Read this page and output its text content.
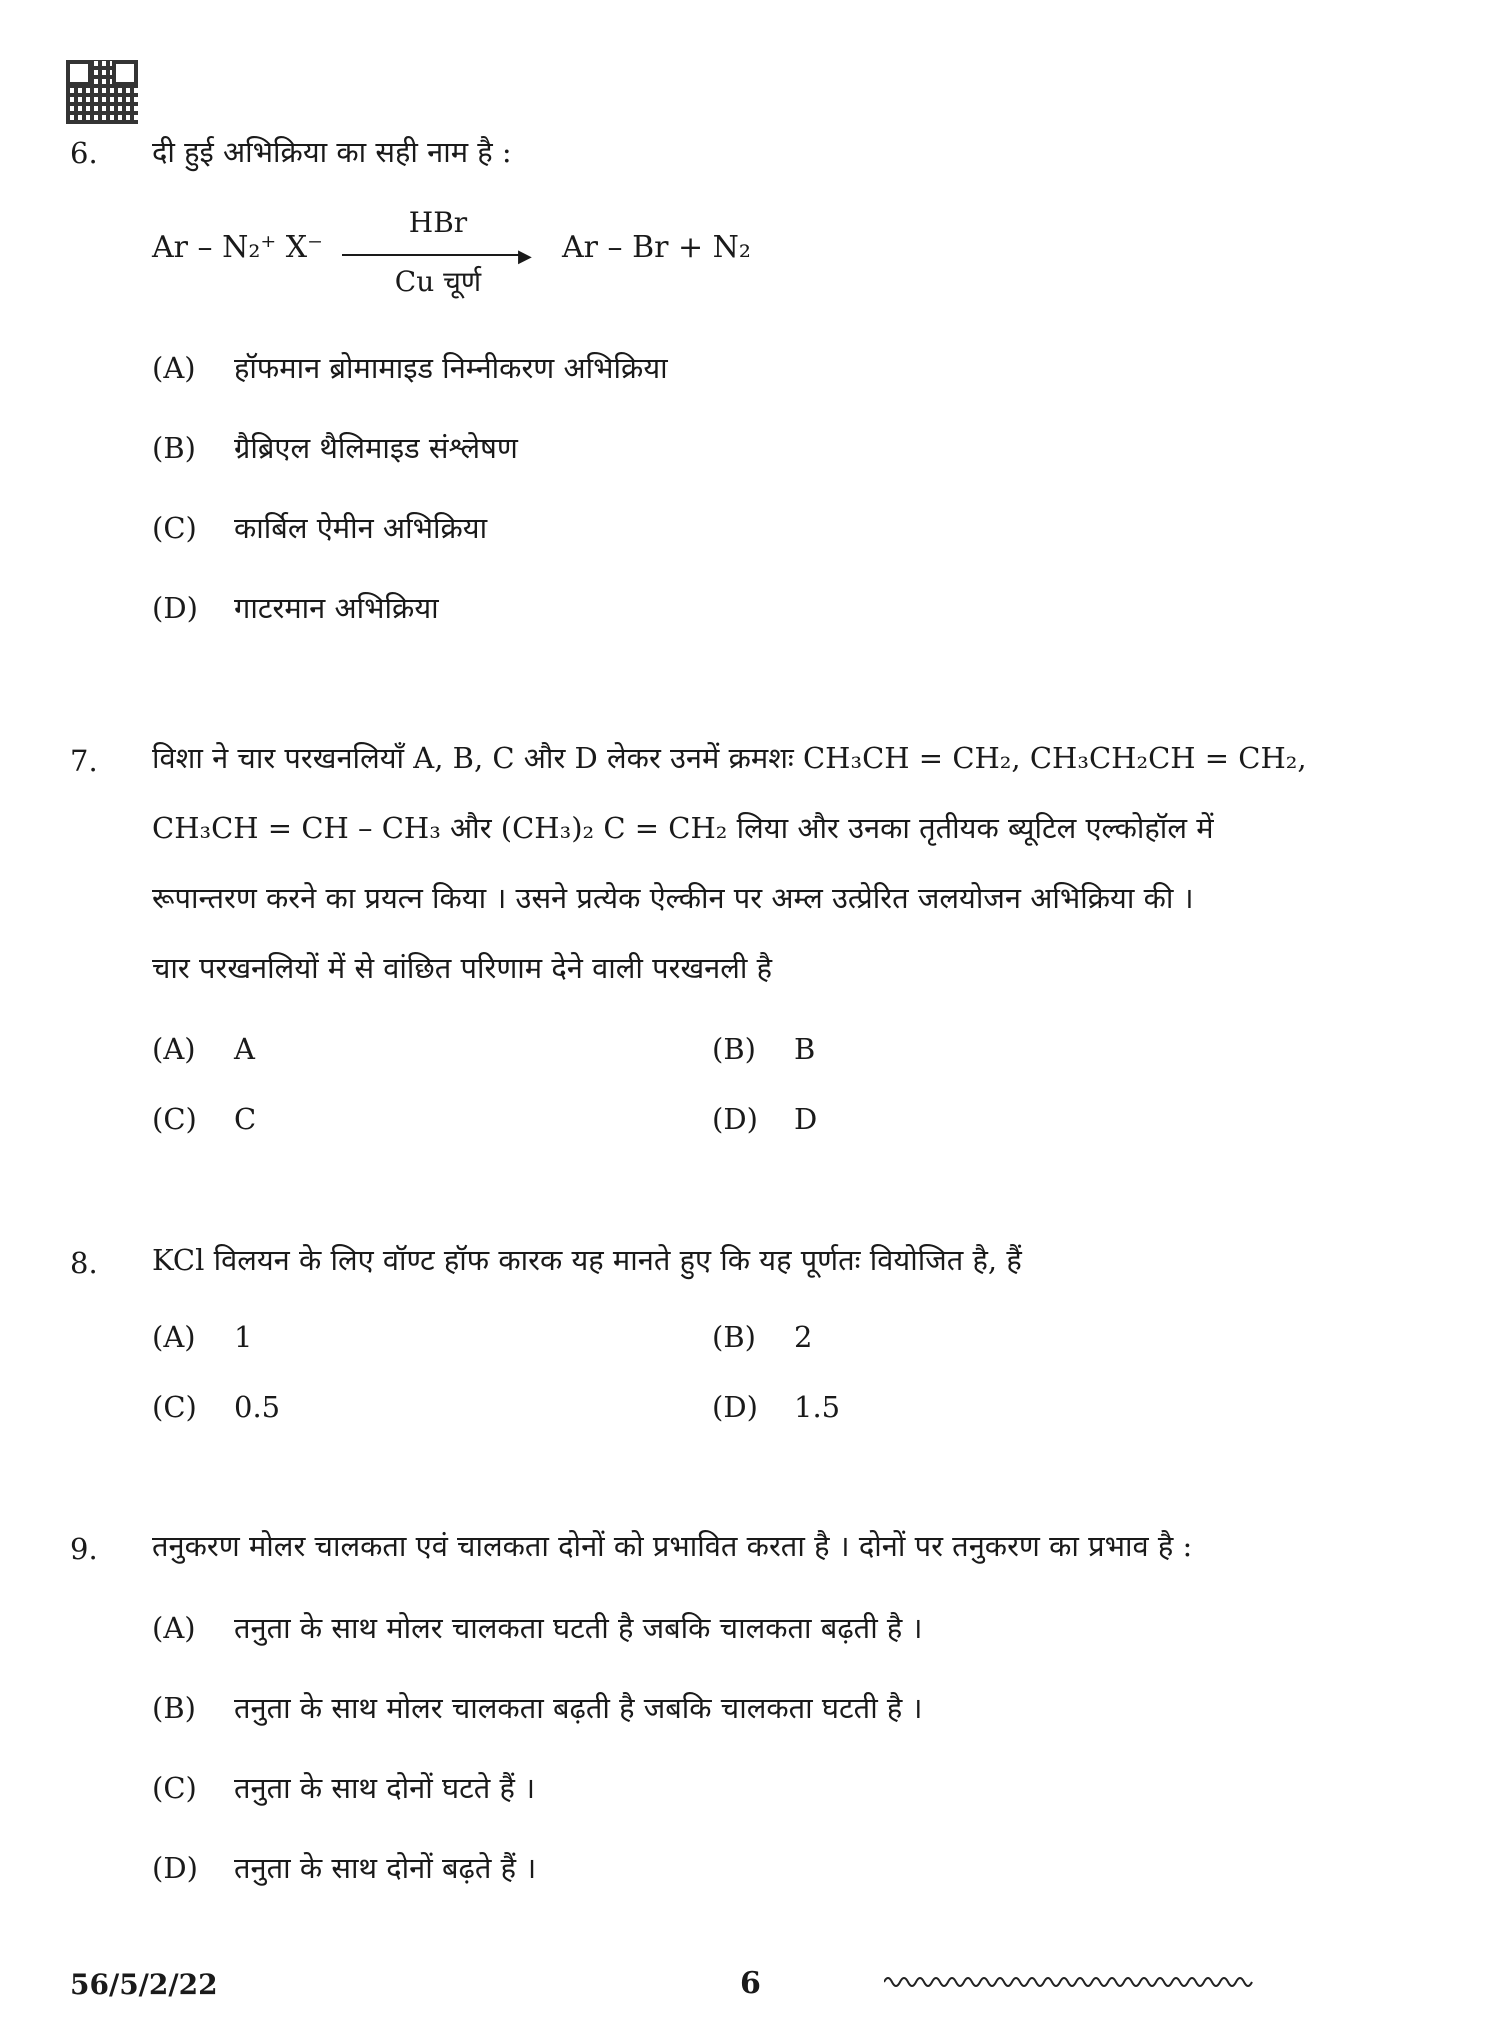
6. दी हुई अभिक्रिया का सही नाम है :
Ar – N₂⁺ X⁻
HBr
▶
Cu चूर्ण
Ar – Br + N₂
(A) हॉफमान ब्रोमामाइड निम्नीकरण अभिक्रिया
(B) ग्रैब्रिएल थैलिमाइड संश्लेषण
(C) कार्बिल ऐमीन अभिक्रिया
(D) गाटरमान अभिक्रिया
7. विशा ने चार परखनलियाँ A, B, C और D लेकर उनमें क्रमशः CH₃CH = CH₂, CH₃CH₂CH = CH₂,
CH₃CH = CH – CH₃ और (CH₃)₂ C = CH₂ लिया और उनका तृतीयक ब्यूटिल एल्कोहॉल में
रूपान्तरण करने का प्रयत्न किया । उसने प्रत्येक ऐल्कीन पर अम्ल उत्प्रेरित जलयोजन अभिक्रिया की ।
चार परखनलियों में से वांछित परिणाम देने वाली परखनली है
(A) A	(B) B
(C) C	(D) D
8. KCl विलयन के लिए वॉण्ट हॉफ कारक यह मानते हुए कि यह पूर्णतः वियोजित है, हैं
(A) 1	(B) 2
(C) 0.5	(D) 1.5
9. तनुकरण मोलर चालकता एवं चालकता दोनों को प्रभावित करता है । दोनों पर तनुकरण का प्रभाव है :
(A) तनुता के साथ मोलर चालकता घटती है जबकि चालकता बढ़ती है ।
(B) तनुता के साथ मोलर चालकता बढ़ती है जबकि चालकता घटती है ।
(C) तनुता के साथ दोनों घटते हैं ।
(D) तनुता के साथ दोनों बढ़ते हैं ।
56/5/2/22	6
